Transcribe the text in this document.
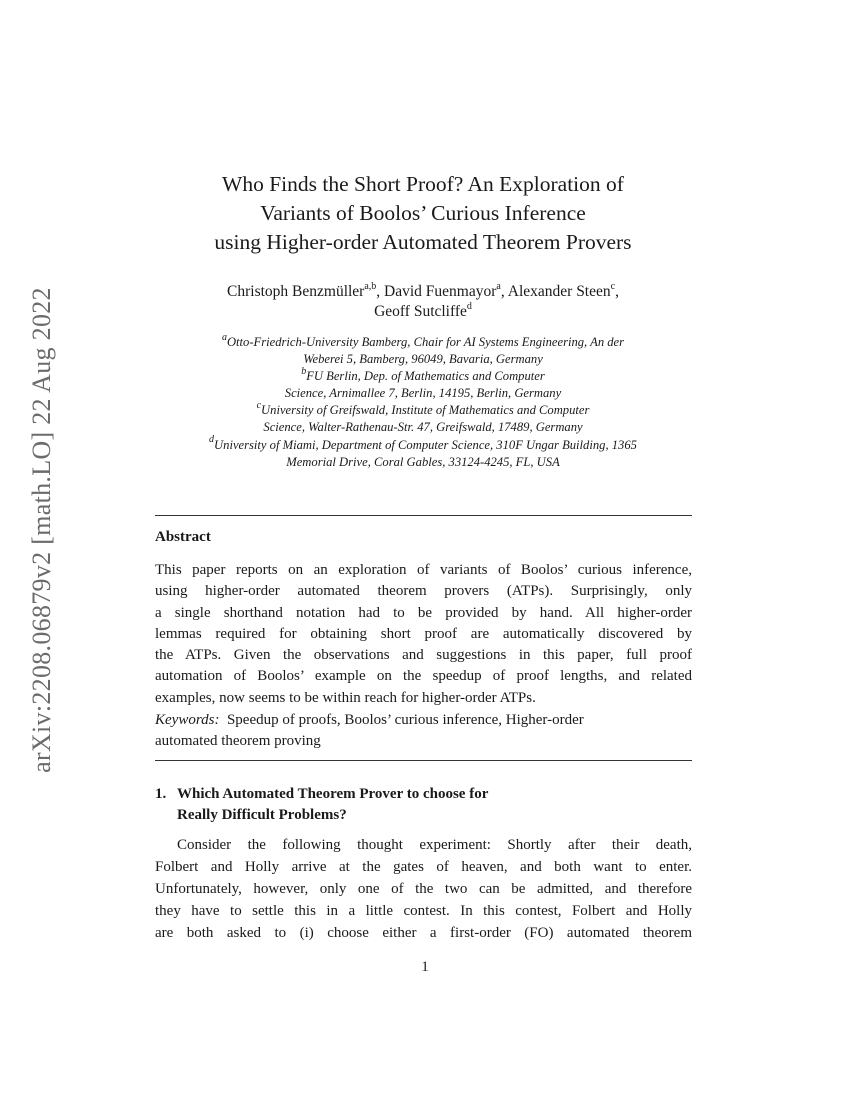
arXiv:2208.06879v2 [math.LO] 22 Aug 2022
Who Finds the Short Proof? An Exploration of
Variants of Boolos’ Curious Inference
using Higher-order Automated Theorem Provers
Christoph Benzmüller$^{a,b}$, David Fuenmayor$^a$, Alexander Steen$^c$,
Geoff Sutcliffe$^d$
$^a$Otto-Friedrich-University Bamberg, Chair for AI Systems Engineering, An der
Weberei 5, Bamberg, 96049, Bavaria, Germany
$^b$FU Berlin, Dep. of Mathematics and Computer
Science, Arnimallee 7, Berlin, 14195, Berlin, Germany
$^c$University of Greifswald, Institute of Mathematics and Computer
Science, Walter-Rathenau-Str. 47, Greifswald, 17489, Germany
$^d$University of Miami, Department of Computer Science, 310F Ungar Building, 1365
Memorial Drive, Coral Gables, 33124-4245, FL, USA
Abstract
This paper reports on an exploration of variants of Boolos’ curious inference,
using higher-order automated theorem provers (ATPs). Surprisingly, only
a single shorthand notation had to be provided by hand. All higher-order
lemmas required for obtaining short proof are automatically discovered by
the ATPs. Given the observations and suggestions in this paper, full proof
automation of Boolos’ example on the speedup of proof lengths, and related
examples, now seems to be within reach for higher-order ATPs.
Keywords: Speedup of proofs, Boolos’ curious inference, Higher-order
automated theorem proving
1. Which Automated Theorem Prover to choose for
Really Difficult Problems?
Consider the following thought experiment: Shortly after their death,
Folbert and Holly arrive at the gates of heaven, and both want to enter.
Unfortunately, however, only one of the two can be admitted, and therefore
they have to settle this in a little contest. In this contest, Folbert and Holly
are both asked to (i) choose either a first-order (FO) automated theorem
1
